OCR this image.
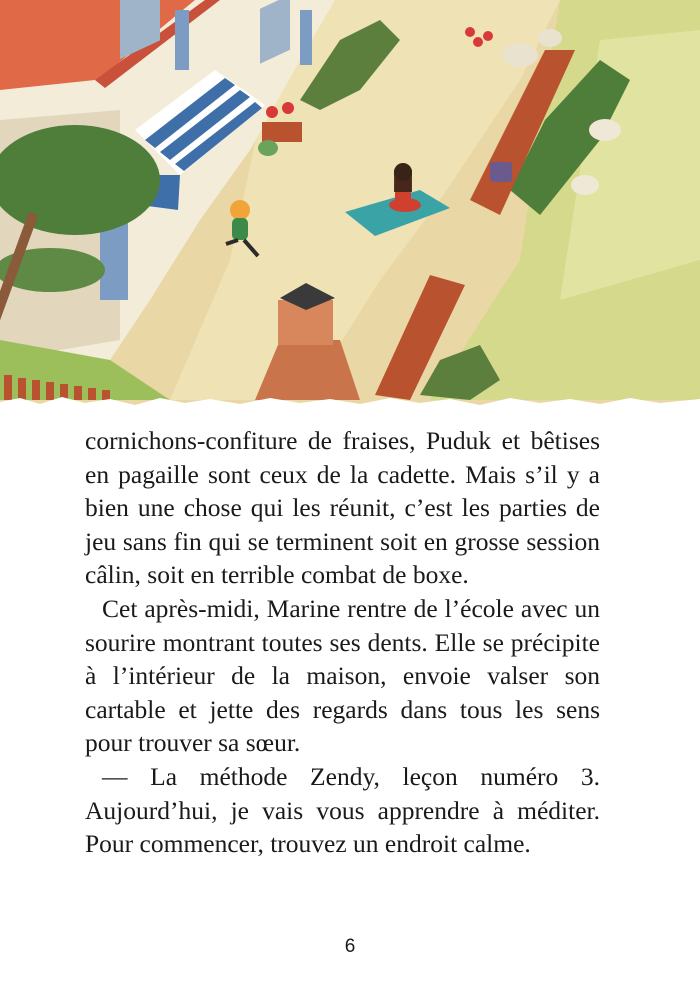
cornichons-confiture de fraises, Puduk et bêtises en pagaille sont ceux de la cadette. Mais s’il y a bien une chose qui les réunit, c’est les parties de jeu sans fin qui se terminent soit en grosse session câlin, soit en terrible combat de boxe.

Cet après-midi, Marine rentre de l’école avec un sourire montrant toutes ses dents. Elle se précipite à l’intérieur de la maison, envoie valser son cartable et jette des regards dans tous les sens pour trouver sa sœur.

— La méthode Zendy, leçon numéro 3. Aujourd’hui, je vais vous apprendre à méditer. Pour commencer, trouvez un endroit calme.

6
